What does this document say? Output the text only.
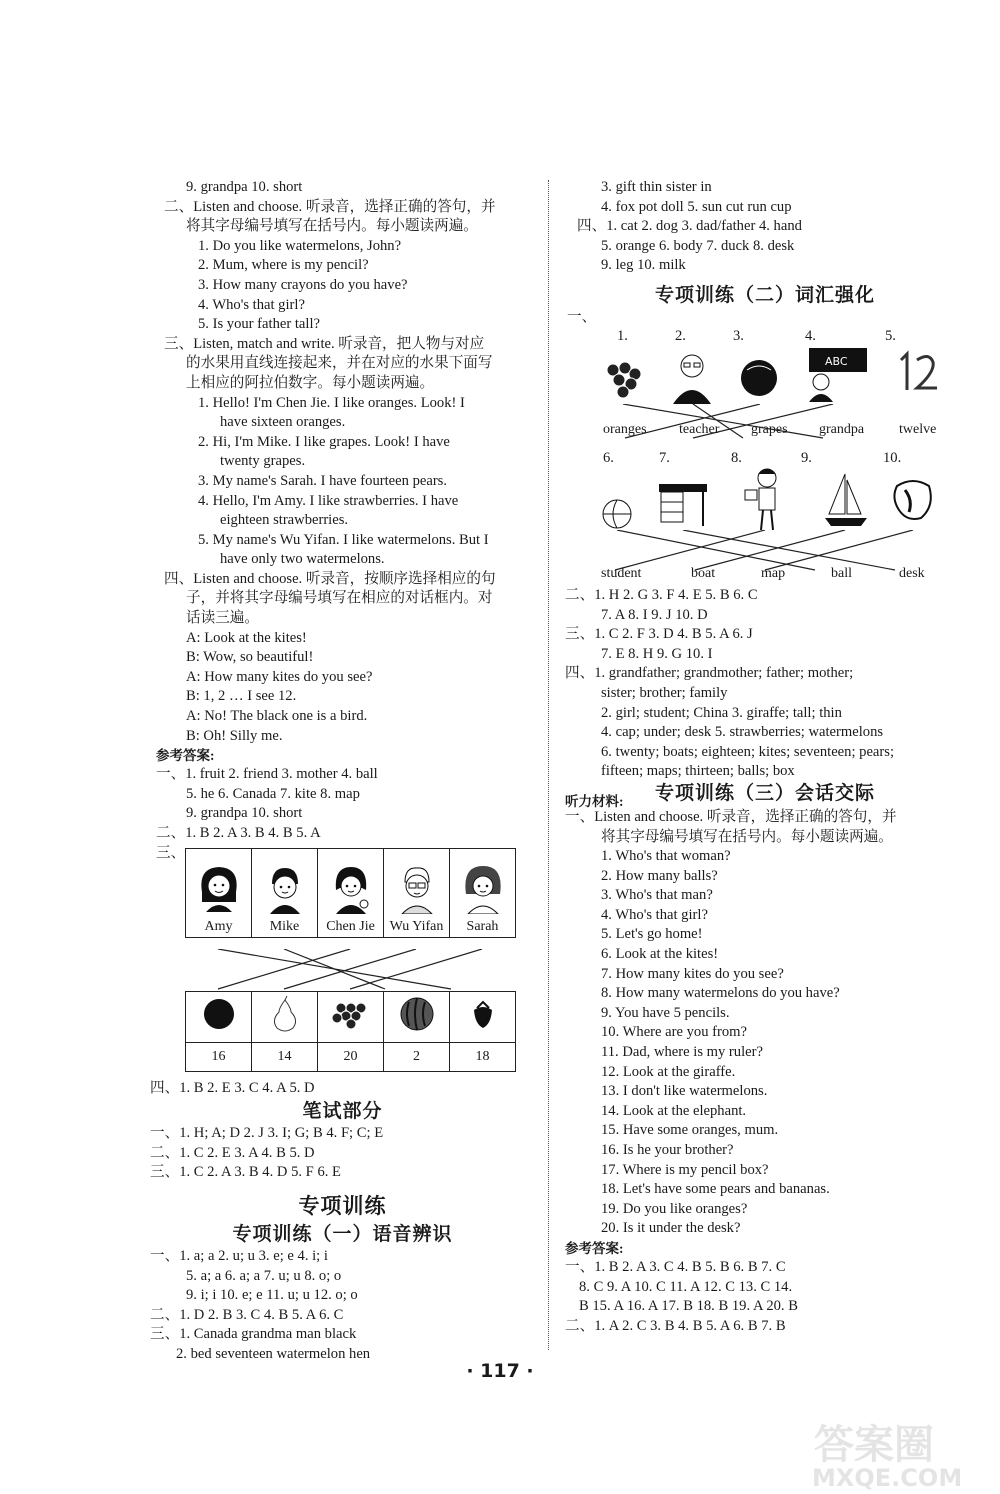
9. grandpa 10. short
二、Listen and choose. 听录音，选择正确的答句，并
将其字母编号填写在括号内。每小题读两遍。
1. Do you like watermelons, John?
2. Mum, where is my pencil?
3. How many crayons do you have?
4. Who's that girl?
5. Is your father tall?
三、Listen, match and write. 听录音，把人物与对应
的水果用直线连接起来，并在对应的水果下面写
上相应的阿拉伯数字。每小题读两遍。
1. Hello! I'm Chen Jie. I like oranges. Look! I
have sixteen oranges.
2. Hi, I'm Mike. I like grapes. Look! I have
twenty grapes.
3. My name's Sarah. I have fourteen pears.
4. Hello, I'm Amy. I like strawberries. I have
eighteen strawberries.
5. My name's Wu Yifan. I like watermelons. But I
have only two watermelons.
四、Listen and choose. 听录音，按顺序选择相应的句
子，并将其字母编号填写在相应的对话框内。对
话读三遍。
A: Look at the kites!
B: Wow, so beautiful!
A: How many kites do you see?
B: 1, 2 … I see 12.
A: No! The black one is a bird.
B: Oh! Silly me.
参考答案:
一、1. fruit 2. friend 3. mother 4. ball
5. he 6. Canada 7. kite 8. map
9. grandpa 10. short
二、1. B 2. A 3. B 4. B 5. A
三、
Amy	Mike	Chen Jie	Wu Yifan	Sarah

16	14	20	2	18
四、1. B 2. E 3. C 4. A 5. D
笔试部分
一、1. H; A; D 2. J 3. I; G; B 4. F; C; E
二、1. C 2. E 3. A 4. B 5. D
三、1. C 2. A 3. B 4. D 5. F 6. E
专项训练
专项训练（一）语音辨识
一、1. a; a 2. u; u 3. e; e 4. i; i
5. a; a 6. a; a 7. u; u 8. o; o
9. i; i 10. e; e 11. u; u 12. o; o
二、1. D 2. B 3. C 4. B 5. A 6. C
三、1. Canada grandma man black
2. bed seventeen watermelon hen
3. gift thin sister in
4. fox pot doll 5. sun cut run cup
四、1. cat 2. dog 3. dad/father 4. hand
5. orange 6. body 7. duck 8. desk
9. leg 10. milk
专项训练（二）词汇强化
一、
1.	2.	3.	4.	5.
ABC
oranges teacher grapes grandpa twelve
6.	7.	8.	9.	10.
student	boat	map	ball	desk
二、1. H 2. G 3. F 4. E 5. B 6. C
7. A 8. I 9. J 10. D
三、1. C 2. F 3. D 4. B 5. A 6. J
7. E 8. H 9. G 10. I
四、1. grandfather; grandmother; father; mother;
sister; brother; family
2. girl; student; China 3. giraffe; tall; thin
4. cap; under; desk 5. strawberries; watermelons
6. twenty; boats; eighteen; kites; seventeen; pears;
fifteen; maps; thirteen; balls; box
听力材料:	专项训练（三）会话交际
一、Listen and choose. 听录音，选择正确的答句，并
将其字母编号填写在括号内。每小题读两遍。
1. Who's that woman?
2. How many balls?
3. Who's that man?
4. Who's that girl?
5. Let's go home!
6. Look at the kites!
7. How many kites do you see?
8. How many watermelons do you have?
9. You have 5 pencils.
10. Where are you from?
11. Dad, where is my ruler?
12. Look at the giraffe.
13. I don't like watermelons.
14. Look at the elephant.
15. Have some oranges, mum.
16. Is he your brother?
17. Where is my pencil box?
18. Let's have some pears and bananas.
19. Do you like oranges?
20. Is it under the desk?
参考答案:
一、1. B 2. A 3. C 4. B 5. B 6. B 7. C
8. C 9. A 10. C 11. A 12. C 13. C 14.
B 15. A 16. A 17. B 18. B 19. A 20. B
二、1. A 2. C 3. B 4. B 5. A 6. B 7. B
· 117 ·
答案圈
MXQE.COM
